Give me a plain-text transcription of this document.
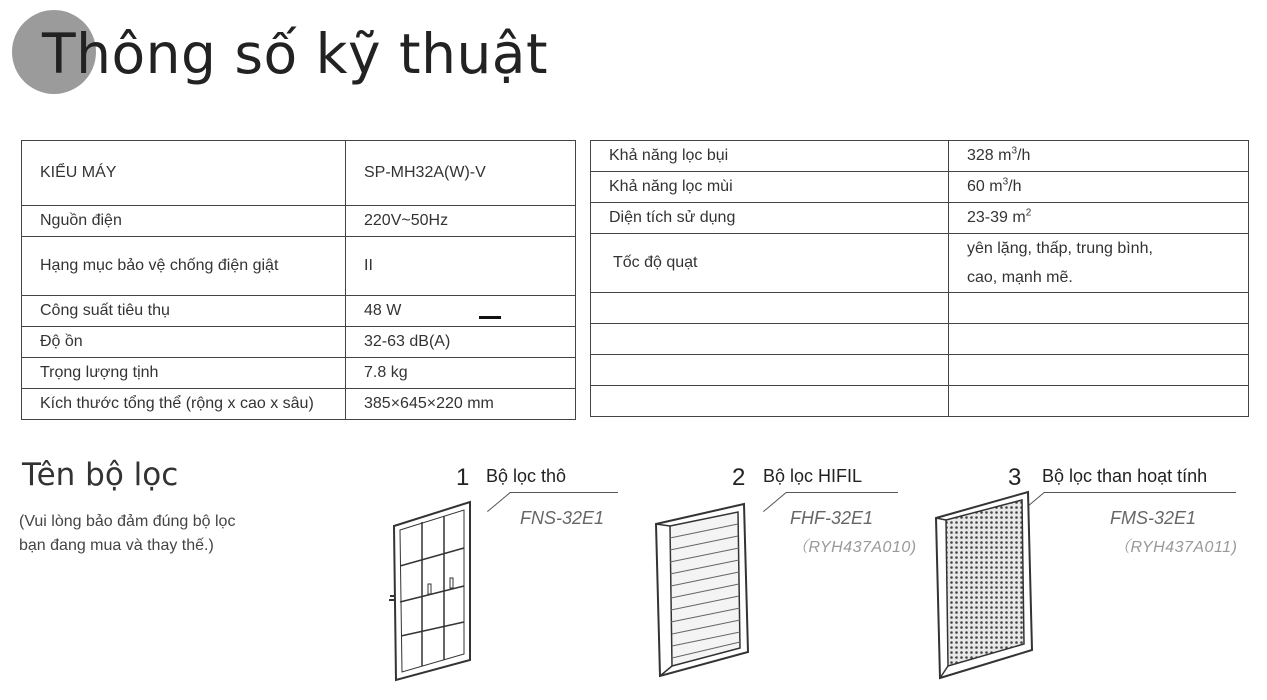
Thông số kỹ thuật
KIỂU MÁY	SP-MH32A(W)-V
Nguồn điện	220V~50Hz
Hạng mục bảo vệ chống điện giật	II
Công suất tiêu thụ	48 W
Độ ồn	32-63 dB(A)
Trọng lượng tịnh	7.8 kg
Kích thước tổng thể (rộng x cao x sâu)	385×645×220 mm
Khả năng lọc bụi	328 $m^3/h$
Khả năng lọc mùi	60 $m^3/h$
Diện tích sử dụng	23-39 $m^2$
Tốc độ quạt	yên lặng, thấp, trung bình,
cao, mạnh mẽ.

Tên bộ lọc
(Vui lòng bảo đảm đúng bộ lọc
bạn đang mua và thay thế.)
1 Bộ lọc thô
FNS-32E1
2 Bộ lọc HIFIL
FHF-32E1
（RYH437A010)
3 Bộ lọc than hoạt tính
FMS-32E1
（RYH437A011)
